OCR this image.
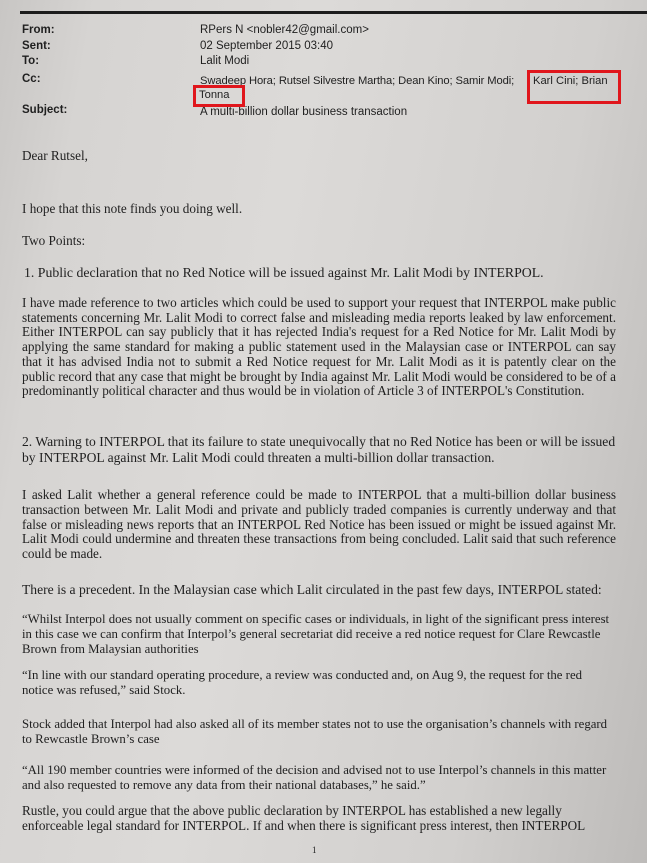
From:	RPers N <nobler42@gmail.com>
Sent:	02 September 2015 03:40
To:	Lalit Modi
Cc:	Swadeep Hora; Rutsel Silvestre Martha; Dean Kino; Samir Modi; Karl Cini; Brian
Tonna
Subject:	A multi-billion dollar business transaction
Dear Rutsel,
I hope that this note finds you doing well.
Two Points:
1. Public declaration that no Red Notice will be issued against Mr. Lalit Modi by INTERPOL.
I have made reference to two articles which could be used to support your request that INTERPOL make public statements concerning Mr. Lalit Modi to correct false and misleading media reports leaked by law enforcement. Either INTERPOL can say publicly that it has rejected India's request for a Red Notice for Mr. Lalit Modi by applying the same standard for making a public statement used in the Malaysian case or INTERPOL can say that it has advised India not to submit a Red Notice request for Mr. Lalit Modi as it is patently clear on the public record that any case that might be brought by India against Mr. Lalit Modi would be considered to be of a predominantly political character and thus would be in violation of Article 3 of INTERPOL's Constitution.
2. Warning to INTERPOL that its failure to state unequivocally that no Red Notice has been or will be issued by INTERPOL against Mr. Lalit Modi could threaten a multi-billion dollar transaction.
I asked Lalit whether a general reference could be made to INTERPOL that a multi-billion dollar business transaction between Mr. Lalit Modi and private and publicly traded companies is currently underway and that false or misleading news reports that an INTERPOL Red Notice has been issued or might be issued against Mr. Lalit Modi could undermine and threaten these transactions from being concluded. Lalit said that such reference could be made.
There is a precedent. In the Malaysian case which Lalit circulated in the past few days, INTERPOL stated:
“Whilst Interpol does not usually comment on specific cases or individuals, in light of the significant press interest in this case we can confirm that Interpol’s general secretariat did receive a red notice request for Clare Rewcastle Brown from Malaysian authorities
“In line with our standard operating procedure, a review was conducted and, on Aug 9, the request for the red notice was refused,” said Stock.
Stock added that Interpol had also asked all of its member states not to use the organisation’s channels with regard to Rewcastle Brown’s case
“All 190 member countries were informed of the decision and advised not to use Interpol’s channels in this matter and also requested to remove any data from their national databases,” he said.”
Rustle, you could argue that the above public declaration by INTERPOL has established a new legally enforceable legal standard for INTERPOL. If and when there is significant press interest, then INTERPOL
1
